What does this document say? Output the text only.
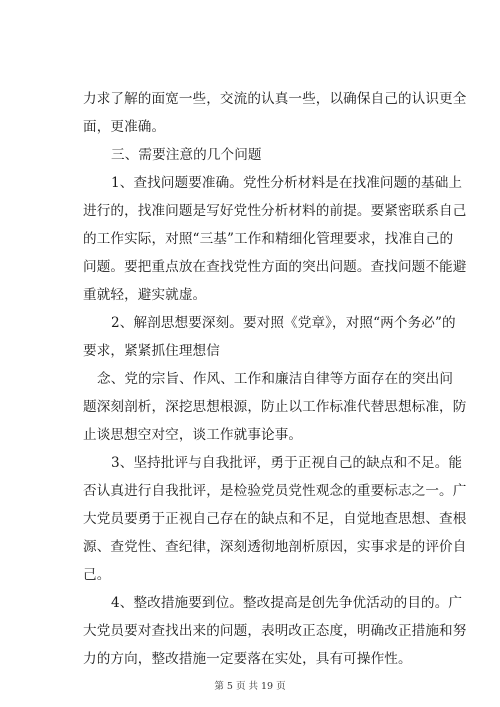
力求了解的面宽一些，交流的认真一些，以确保自己的认识更全
面，更准确。
三、需要注意的几个问题
1、查找问题要准确。党性分析材料是在找准问题的基础上
进行的，找准问题是写好党性分析材料的前提。要紧密联系自己
的工作实际，对照“三基”工作和精细化管理要求，找准自己的
问题。要把重点放在查找党性方面的突出问题。查找问题不能避
重就轻，避实就虚。
2、解剖思想要深刻。要对照《党章》，对照“两个务必”的
要求，紧紧抓住理想信
念、党的宗旨、作风、工作和廉洁自律等方面存在的突出问
题深刻剖析，深挖思想根源，防止以工作标准代替思想标准，防
止谈思想空对空，谈工作就事论事。
3、坚持批评与自我批评，勇于正视自己的缺点和不足。能
否认真进行自我批评，是检验党员党性观念的重要标志之一。广
大党员要勇于正视自己存在的缺点和不足，自觉地查思想、查根
源、查党性、查纪律，深刻透彻地剖析原因，实事求是的评价自
己。
4、整改措施要到位。整改提高是创先争优活动的目的。广
大党员要对查找出来的问题，表明改正态度，明确改正措施和努
力的方向，整改措施一定要落在实处，具有可操作性。
第 5 页 共 19 页
